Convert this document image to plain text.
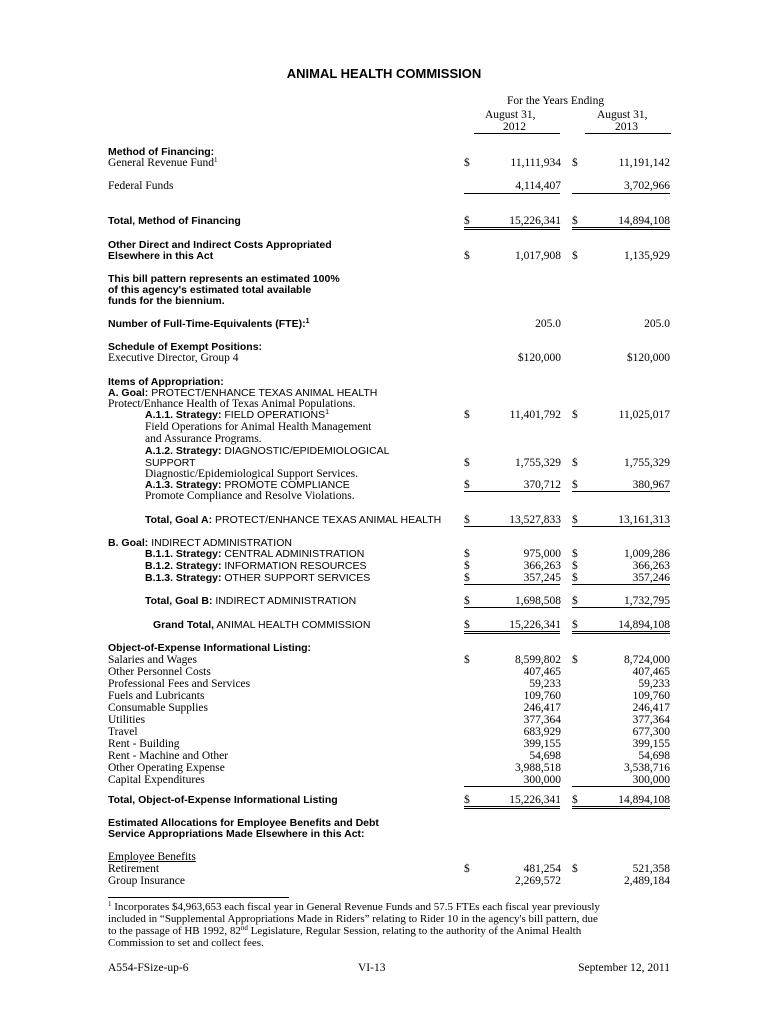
ANIMAL HEALTH COMMISSION
For the Years Ending
August 31,
2012
August 31,
2013
Method of Financing:
General Revenue Fund$^1$	$	11,111,934 $	11,191,142
Federal Funds	4,114,407	3,702,966
Total, Method of Financing	$	15,226,341 $	14,894,108
Other Direct and Indirect Costs Appropriated
Elsewhere in this Act	$	1,017,908 $	1,135,929
This bill pattern represents an estimated 100%
of this agency's estimated total available
funds for the biennium.
Number of Full-Time-Equivalents (FTE):$^1$	205.0	205.0
Schedule of Exempt Positions:
Executive Director, Group 4	$120,000	$120,000
Items of Appropriation:
A. Goal: PROTECT/ENHANCE TEXAS ANIMAL HEALTH
Protect/Enhance Health of Texas Animal Populations.
A.1.1. Strategy: FIELD OPERATIONS$^1$	$	11,401,792 $	11,025,017
Field Operations for Animal Health Management
and Assurance Programs.
A.1.2. Strategy: DIAGNOSTIC/EPIDEMIOLOGICAL
SUPPORT	$	1,755,329 $	1,755,329
Diagnostic/Epidemiological Support Services.
A.1.3. Strategy: PROMOTE COMPLIANCE	$	370,712 $	380,967
Promote Compliance and Resolve Violations.
Total, Goal A: PROTECT/ENHANCE TEXAS ANIMAL HEALTH $	13,527,833 $	13,161,313
B. Goal: INDIRECT ADMINISTRATION
B.1.1. Strategy: CENTRAL ADMINISTRATION	$	975,000 $	1,009,286
B.1.2. Strategy: INFORMATION RESOURCES	$	366,263 $	366,263
B.1.3. Strategy: OTHER SUPPORT SERVICES	$	357,245 $	357,246
Total, Goal B: INDIRECT ADMINISTRATION	$	1,698,508 $	1,732,795
Grand Total, ANIMAL HEALTH COMMISSION	$	15,226,341 $	14,894,108
Object-of-Expense Informational Listing:
$	$
Salaries and Wages	8,599,802	8,724,000
Other Personnel Costs	407,465	407,465
Professional Fees and Services	59,233	59,233
Fuels and Lubricants	109,760	109,760
Consumable Supplies	246,417	246,417
Utilities	377,364	377,364
Travel	683,929	677,300
Rent - Building	399,155	399,155
Rent - Machine and Other	54,698	54,698
Other Operating Expense	3,988,518	3,538,716
Capital Expenditures	300,000	300,000
Total, Object-of-Expense Informational Listing	$	15,226,341 $	14,894,108
Estimated Allocations for Employee Benefits and Debt
Service Appropriations Made Elsewhere in this Act:
Employee Benefits
Retirement	$	481,254 $	521,358
Group Insurance	2,269,572	2,489,184
$^1$ Incorporates $4,963,653 each fiscal year in General Revenue Funds and 57.5 FTEs each fiscal year previously
included in “Supplemental Appropriations Made in Riders” relating to Rider 10 in the agency's bill pattern, due
to the passage of HB 1992, 82nd Legislature, Regular Session, relating to the authority of the Animal Health
Commission to set and collect fees.
A554-FSize-up-6	VI-13	September 12, 2011
